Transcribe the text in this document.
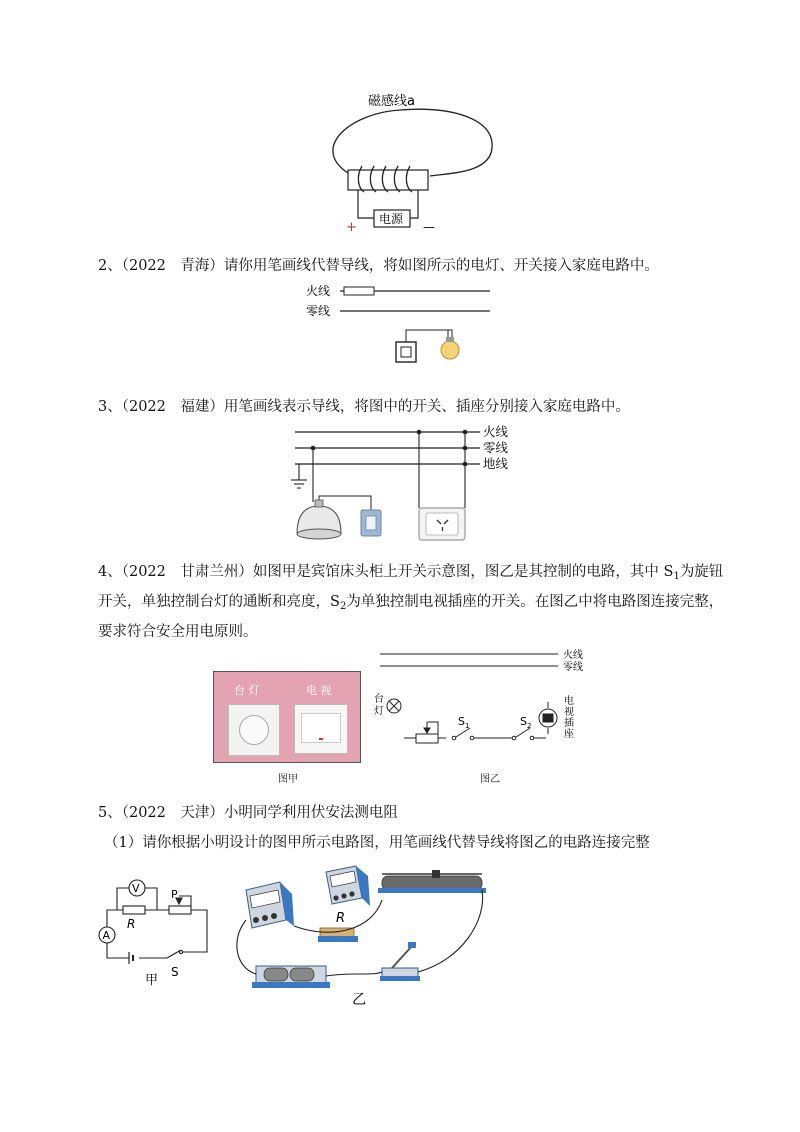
磁感线a
电源
+	—
2、（2022　青海）请你用笔画线代替导线，将如图所示的电灯、开关接入家庭电路中。
火线
零线
3、（2022　福建）用笔画线表示导线，将图中的开关、插座分别接入家庭电路中。
火线
零线
地线
4、（2022　甘肃兰州）如图甲是宾馆床头柜上开关示意图，图乙是其控制的电路，其中 $S_1$为旋钮
开关，单独控制台灯的通断和亮度，$S_2$为单独控制电视插座的开关。在图乙中将电路图连接完整，
要求符合安全用电原则。
台 灯	电 视
图甲
火线
零线
台
灯
$S_1$	$S_2$
电
视
插
座
图乙
5、（2022　天津）小明同学利用伏安法测电阻
（1）请你根据小明设计的图甲所示电路图，用笔画线代替导线将图乙的电路连接完整
V
R
P
A
S
甲
R
乙
